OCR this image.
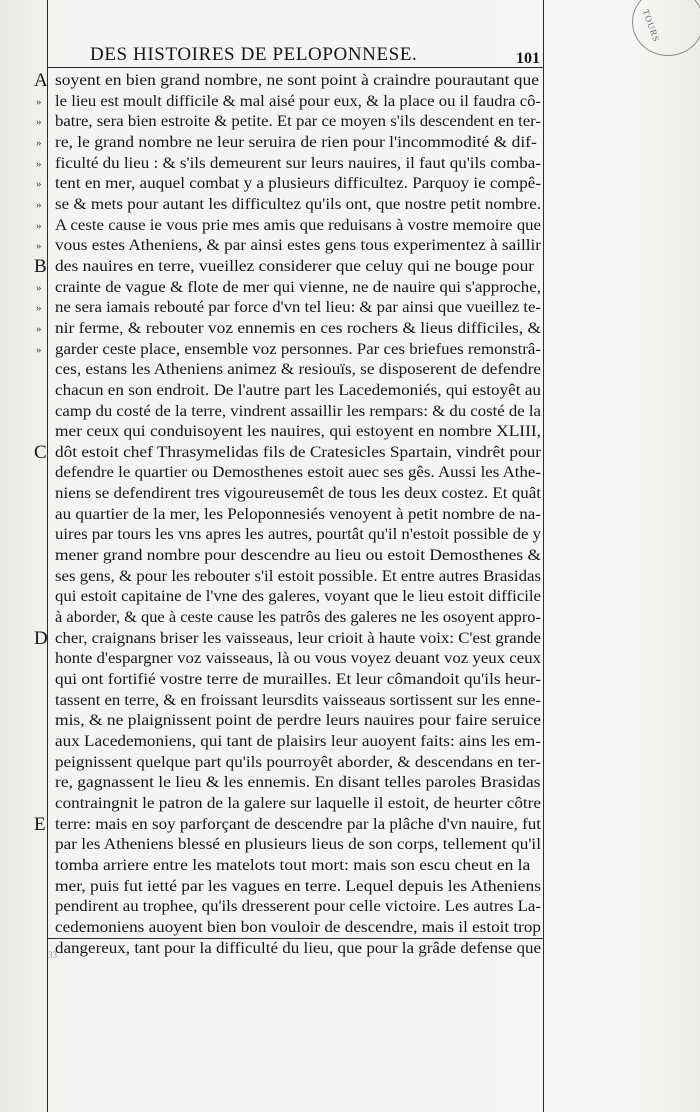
TOURS
DES HISTOIRES DE PELOPONNESE.	101
A soyent en bien grand nombre, ne sont point à craindre pourautant que
» le lieu est moult difficile & mal aisé pour eux, & la place ou il faudra cô-
» batre, sera bien estroite & petite. Et par ce moyen s'ils descendent en ter-
» re, le grand nombre ne leur seruira de rien pour l'incommodité & dif-
» ficulté du lieu : & s'ils demeurent sur leurs nauires, il faut qu'ils comba-
» tent en mer, auquel combat y a plusieurs difficultez. Parquoy ie compê-
» se & mets pour autant les difficultez qu'ils ont, que nostre petit nombre.
» A ceste cause ie vous prie mes amis que reduisans à vostre memoire que
» vous estes Atheniens, & par ainsi estes gens tous experimentez à saillir
B des nauires en terre, vueillez considerer que celuy qui ne bouge pour
» crainte de vague & flote de mer qui vienne, ne de nauire qui s'approche,
» ne sera iamais rebouté par force d'vn tel lieu: & par ainsi que vueillez te-
» nir ferme, & rebouter voz ennemis en ces rochers & lieus difficiles, &
» garder ceste place, ensemble voz personnes. Par ces briefues remonstrâ-
ces, estans les Atheniens animez & resiouïs, se disposerent de defendre
chacun en son endroit. De l'autre part les Lacedemoniés, qui estoyêt au
camp du costé de la terre, vindrent assaillir les rempars: & du costé de la
mer ceux qui conduisoyent les nauires, qui estoyent en nombre XLIII,
C dôt estoit chef Thrasymelidas fils de Cratesicles Spartain, vindrêt pour
defendre le quartier ou Demosthenes estoit auec ses gês. Aussi les Athe-
niens se defendirent tres vigoureusemêt de tous les deux costez. Et quât
au quartier de la mer, les Peloponnesiés venoyent à petit nombre de na-
uires par tours les vns apres les autres, pourtât qu'il n'estoit possible de y
mener grand nombre pour descendre au lieu ou estoit Demosthenes &
ses gens, & pour les rebouter s'il estoit possible. Et entre autres Brasidas
qui estoit capitaine de l'vne des galeres, voyant que le lieu estoit difficile
à aborder, & que à ceste cause les patrôs des galeres ne les osoyent appro-
D cher, craignans briser les vaisseaus, leur crioit à haute voix: C'est grande
honte d'espargner voz vaisseaus, là ou vous voyez deuant voz yeux ceux
qui ont fortifié vostre terre de murailles. Et leur cômandoit qu'ils heur-
tassent en terre, & en froissant leursdits vaisseaus sortissent sur les enne-
mis, & ne plaignissent point de perdre leurs nauires pour faire seruice
aux Lacedemoniens, qui tant de plaisirs leur auoyent faits: ains les em-
peignissent quelque part qu'ils pourroyêt aborder, & descendans en ter-
re, gagnassent le lieu & les ennemis. En disant telles paroles Brasidas
contraingnit le patron de la galere sur laquelle il estoit, de heurter côtre
E terre: mais en soy parforçant de descendre par la plâche d'vn nauire, fut
par les Atheniens blessé en plusieurs lieus de son corps, tellement qu'il
tomba arriere entre les matelots tout mort: mais son escu cheut en la
mer, puis fut ietté par les vagues en terre. Lequel depuis les Atheniens
pendirent au trophee, qu'ils dresserent pour celle victoire. Les autres La-
cedemoniens auoyent bien bon vouloir de descendre, mais il estoit trop
dangereux, tant pour la difficulté du lieu, que pour la grâde defense que
33
